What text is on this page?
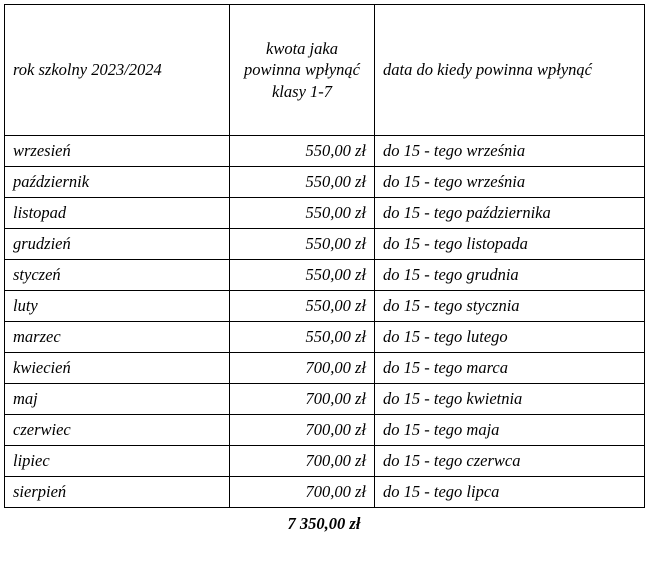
rok szkolny 2023/2024	kwota jaka powinna wpłynąć klasy 1-7	data do kiedy powinna wpłynąć
wrzesień	550,00 zł	do 15 - tego września
październik	550,00 zł	do 15 - tego września
listopad	550,00 zł	do 15 - tego października
grudzień	550,00 zł	do 15 - tego listopada
styczeń	550,00 zł	do 15 - tego grudnia
luty	550,00 zł	do 15 - tego stycznia
marzec	550,00 zł	do 15 - tego lutego
kwiecień	700,00 zł	do 15 - tego marca
maj	700,00 zł	do 15 - tego kwietnia
czerwiec	700,00 zł	do 15 - tego maja
lipiec	700,00 zł	do 15 - tego czerwca
sierpień	700,00 zł	do 15 - tego lipca
7 350,00 zł
